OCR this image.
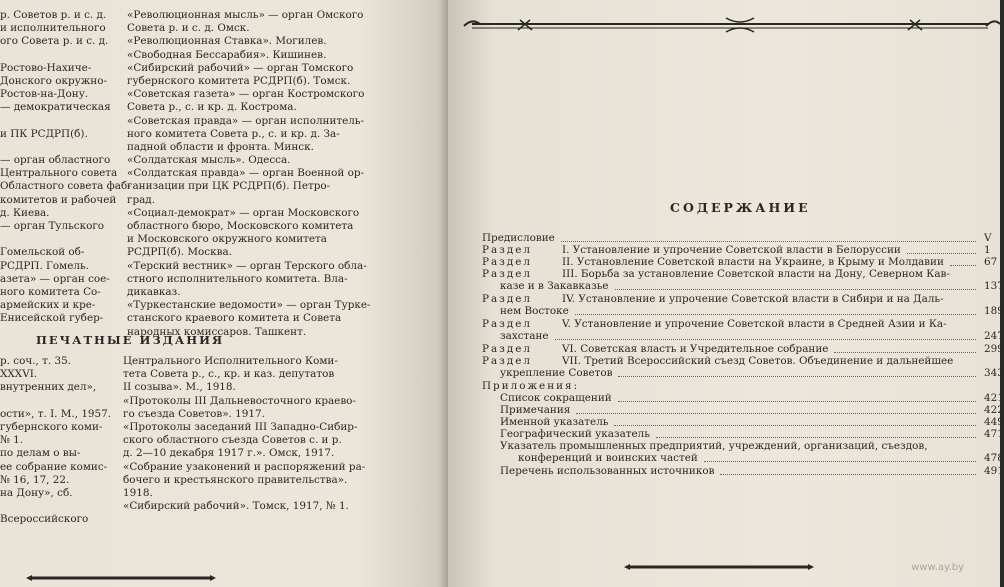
р. Советов р. и с. д.
и исполнительного
ого Совета р. и с. д.
Ростово-Нахиче-
Донского окружно-
Ростов-на-Дону.
— демократическая
и ПК РСДРП(б).
— орган областного
Центрального совета
Областного совета фаб-
комитетов и рабочей
д. Киева.
— орган Тульского
Гомельской об-
РСДРП. Гомель.
азета» — орган сое-
ного комитета Со-
армейских и кре-
Енисейской губер-
«Революционная мысль» — орган Омского
Совета р. и с. д. Омск.
«Революционная Ставка». Могилев.
«Свободная Бессарабия». Кишинев.
«Сибирский рабочий» — орган Томского
губернского комитета РСДРП(б). Томск.
«Советская газета» — орган Костромского
Совета р., с. и кр. д. Кострома.
«Советская правда» — орган исполнитель-
ного комитета Совета р., с. и кр. д. За-
падной области и фронта. Минск.
«Солдатская мысль». Одесса.
«Солдатская правда» — орган Военной ор-
ганизации при ЦК РСДРП(б). Петро-
град.
«Социал-демократ» — орган Московского
областного бюро, Московского комитета
и Московского окружного комитета
РСДРП(б). Москва.
«Терский вестник» — орган Терского обла-
стного исполнительного комитета. Вла-
дикавказ.
«Туркестанские ведомости» — орган Турке-
станского краевого комитета и Совета
народных комиссаров. Ташкент.
ПЕЧАТНЫЕ ИЗДАНИЯ
р. соч., т. 35.
XXXVI.
внутренних дел»,
ости», т. I. М., 1957.
губернского коми-
№ 1.
по делам о вы-
ее собрание комис-
№ 16, 17, 22.
на Дону», сб.
Всероссийского
Центрального Исполнительного Коми-
тета Совета р., с., кр. и каз. депутатов
II созыва». М., 1918.
«Протоколы III Дальневосточного краево-
го съезда Советов». 1917.
«Протоколы заседаний III Западно-Сибир-
ского областного съезда Советов с. и р.
д. 2—10 декабря 1917 г.». Омск, 1917.
«Собрание узаконений и распоряжений ра-
бочего и крестьянского правительства».
1918.
«Сибирский рабочий». Томск, 1917, № 1.
СОДЕРЖАНИЕ
Предисловие	V
Раздел	I. Установление и упрочение Советской власти в Белоруссии	1
Раздел	II. Установление Советской власти на Украине, в Крыму и Молдавии	67
Раздел	III. Борьба за установление Советской власти на Дону, Северном Кав-
казе и в Закавказье	137
Раздел	IV. Установление и упрочение Советской власти в Сибири и на Даль-
нем Востоке	189
Раздел	V. Установление и упрочение Советской власти в Средней Азии и Ка-
захстане	247
Раздел	VI. Советская власть и Учредительное собрание	299
Раздел	VII. Третий Всероссийский съезд Советов. Объединение и дальнейшее
укрепление Советов	343
Приложения:
Список сокращений	421
Примечания	422
Именной указатель	449
Географический указатель	471
Указатель промышленных предприятий, учреждений, организаций, съездов,
конференций и воинских частей	478
Перечень использованных источников	491
www.ay.by
